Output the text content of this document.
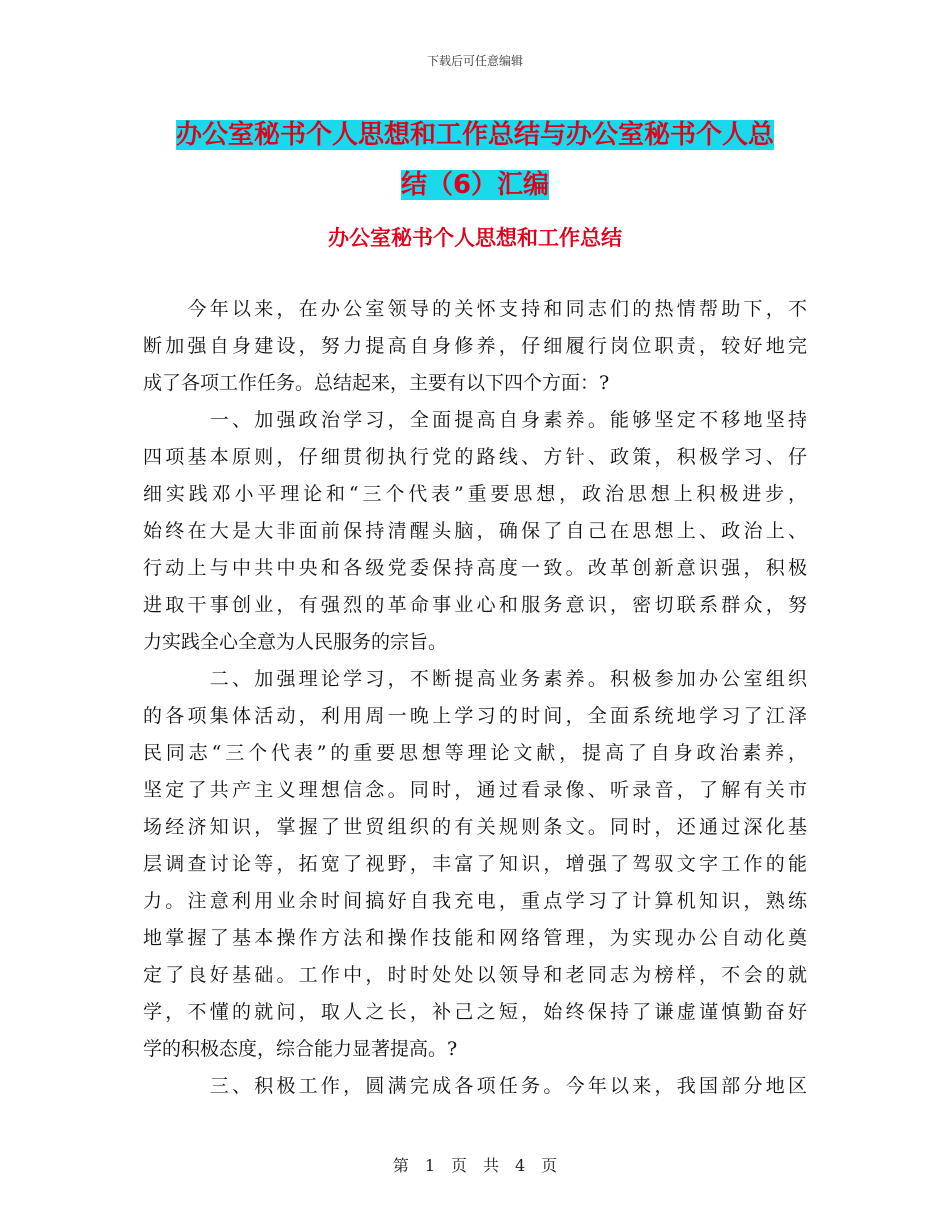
下载后可任意编辑
办公室秘书个人思想和工作总结与办公室秘书个人总
结（6）汇编
办公室秘书个人思想和工作总结
　　今年以来，在办公室领导的关怀支持和同志们的热情帮助下，不
断加强自身建设，努力提高自身修养，仔细履行岗位职责，较好地完
成了各项工作任务。总结起来，主要有以下四个方面：?
　　　一、加强政治学习，全面提高自身素养。能够坚定不移地坚持
四项基本原则，仔细贯彻执行党的路线、方针、政策，积极学习、仔
细实践邓小平理论和“三个代表”重要思想，政治思想上积极进步，
始终在大是大非面前保持清醒头脑，确保了自己在思想上、政治上、
行动上与中共中央和各级党委保持高度一致。改革创新意识强，积极
进取干事创业，有强烈的革命事业心和服务意识，密切联系群众，努
力实践全心全意为人民服务的宗旨。
　　　二、加强理论学习，不断提高业务素养。积极参加办公室组织
的各项集体活动，利用周一晚上学习的时间，全面系统地学习了江泽
民同志“三个代表”的重要思想等理论文献，提高了自身政治素养，
坚定了共产主义理想信念。同时，通过看录像、听录音，了解有关市
场经济知识，掌握了世贸组织的有关规则条文。同时，还通过深化基
层调查讨论等，拓宽了视野，丰富了知识，增强了驾驭文字工作的能
力。注意利用业余时间搞好自我充电，重点学习了计算机知识，熟练
地掌握了基本操作方法和操作技能和网络管理，为实现办公自动化奠
定了良好基础。工作中，时时处处以领导和老同志为榜样，不会的就
学，不懂的就问，取人之长，补己之短，始终保持了谦虚谨慎勤奋好
学的积极态度，综合能力显著提高。?
　　　三、积极工作，圆满完成各项任务。今年以来，我国部分地区
第　1　页　共　4　页
